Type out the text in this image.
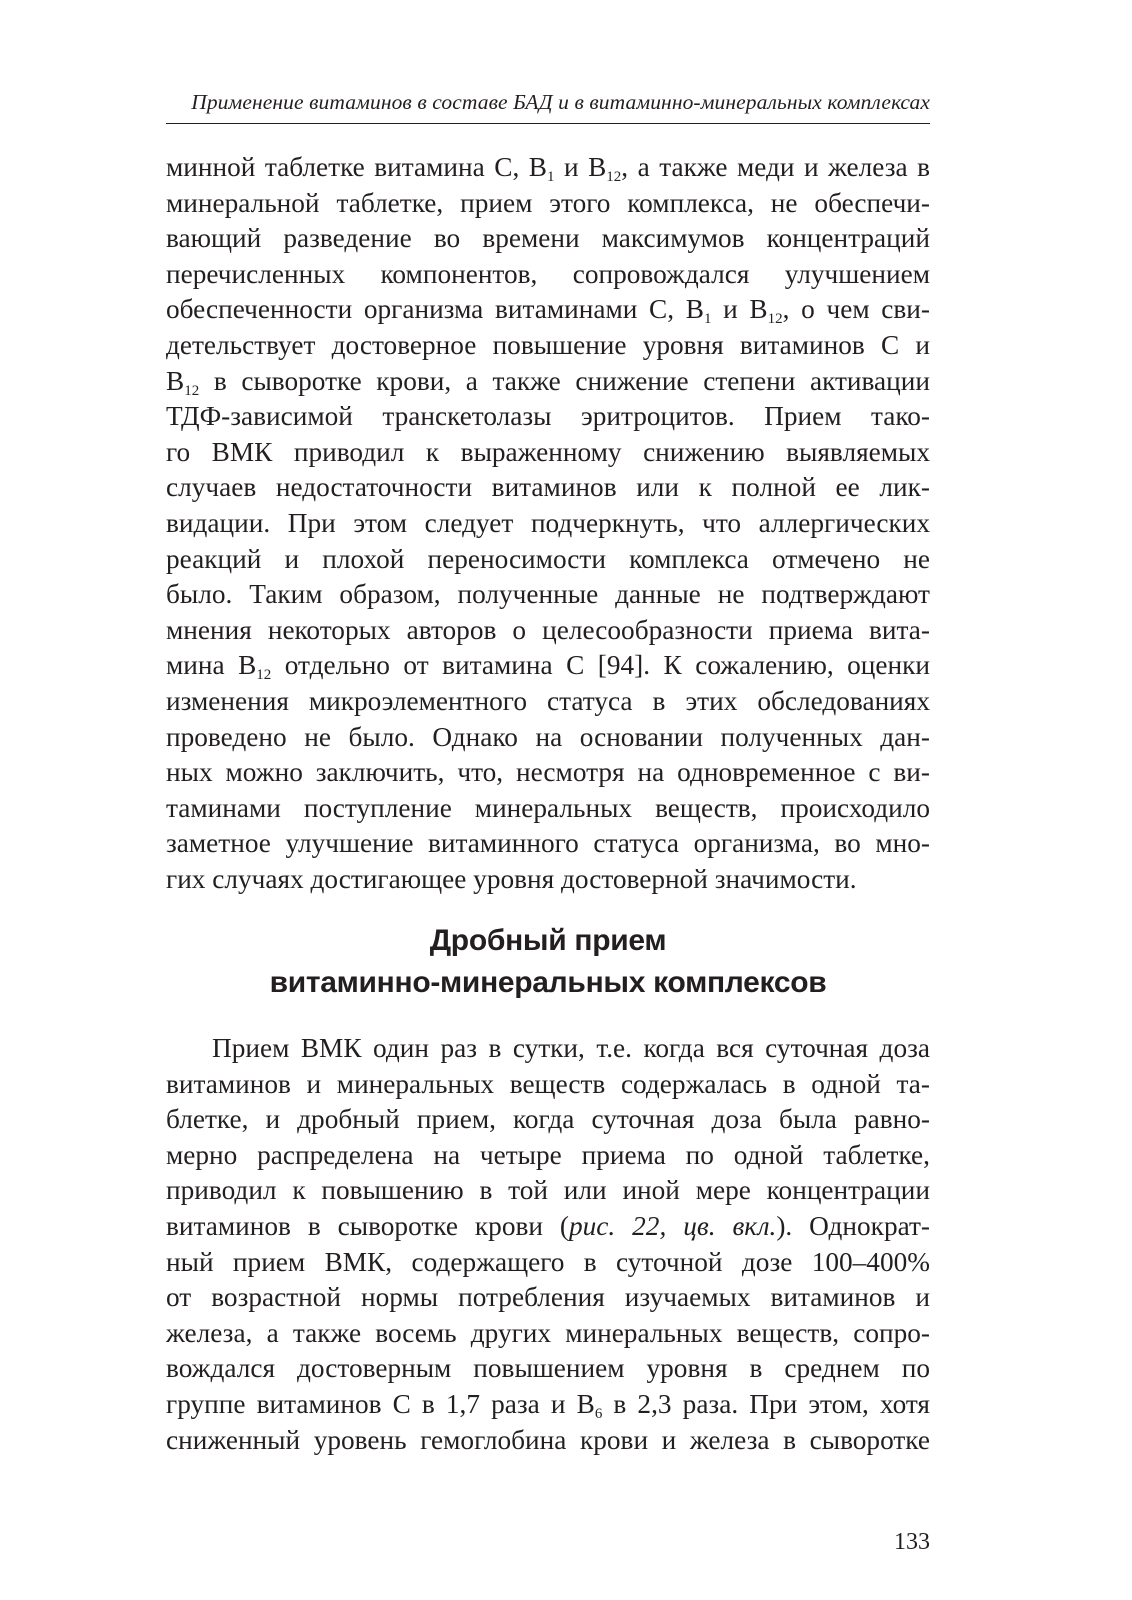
Применение витаминов в составе БАД и в витаминно-минеральных комплексах
минной таблетке витамина С, $В_1$ и $В_{12}$, а также меди и железа в
минеральной таблетке, прием этого комплекса, не обеспечи-
вающий разведение во времени максимумов концентраций
перечисленных компонентов, сопровождался улучшением
обеспеченности организма витаминами С, $В_1$ и $В_{12}$, о чем сви-
детельствует достоверное повышение уровня витаминов С и
$В_{12}$ в сыворотке крови, а также снижение степени активации
ТДФ-зависимой транскетолазы эритроцитов. Прием тако-
го ВМК приводил к выраженному снижению выявляемых
случаев недостаточности витаминов или к полной ее лик-
видации. При этом следует подчеркнуть, что аллергических
реакций и плохой переносимости комплекса отмечено не
было. Таким образом, полученные данные не подтверждают
мнения некоторых авторов о целесообразности приема вита-
мина $В_{12}$ отдельно от витамина С [94]. К сожалению, оценки
изменения микроэлементного статуса в этих обследованиях
проведено не было. Однако на основании полученных дан-
ных можно заключить, что, несмотря на одновременное с ви-
таминами поступление минеральных веществ, происходило
заметное улучшение витаминного статуса организма, во мно-
гих случаях достигающее уровня достоверной значимости.
Дробный прием
витаминно-минеральных комплексов
Прием ВМК один раз в сутки, т.е. когда вся суточная доза
витаминов и минеральных веществ содержалась в одной та-
блетке, и дробный прием, когда суточная доза была равно-
мерно распределена на четыре приема по одной таблетке,
приводил к повышению в той или иной мере концентрации
витаминов в сыворотке крови (рис. 22, цв. вкл.). Однократ-
ный прием ВМК, содержащего в суточной дозе 100–400%
от возрастной нормы потребления изучаемых витаминов и
железа, а также восемь других минеральных веществ, сопро-
вождался достоверным повышением уровня в среднем по
группе витаминов С в 1,7 раза и $В_6$ в 2,3 раза. При этом, хотя
сниженный уровень гемоглобина крови и железа в сыворотке
133
